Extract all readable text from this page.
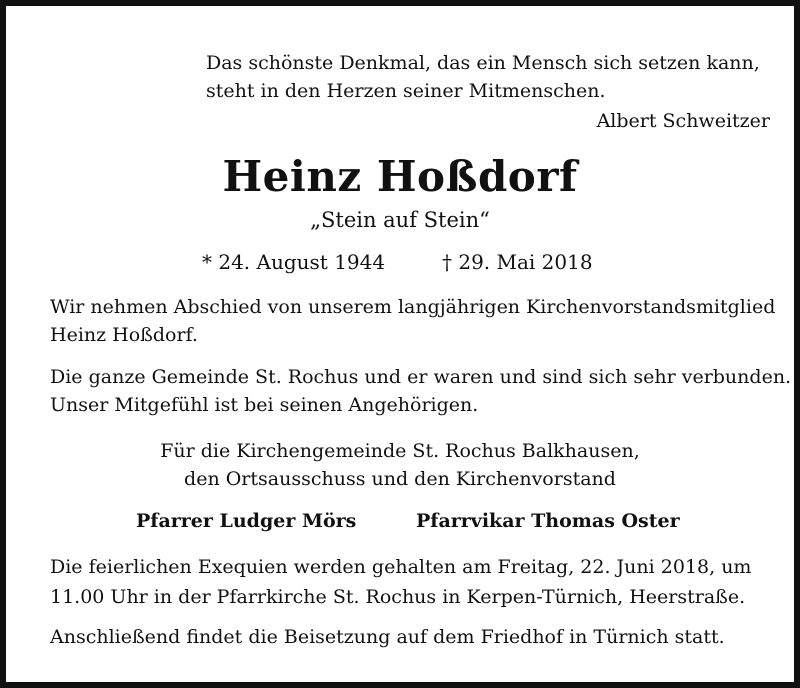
Das schönste Denkmal, das ein Mensch sich setzen kann,
steht in den Herzen seiner Mitmenschen.
Albert Schweitzer
Heinz Hoßdorf
„Stein auf Stein“
* 24. August 1944	† 29. Mai 2018
Wir nehmen Abschied von unserem langjährigen Kirchenvorstandsmitglied
Heinz Hoßdorf.
Die ganze Gemeinde St. Rochus und er waren und sind sich sehr verbunden.
Unser Mitgefühl ist bei seinen Angehörigen.
Für die Kirchengemeinde St. Rochus Balkhausen,
den Ortsausschuss und den Kirchenvorstand
Pfarrer Ludger Mörs	Pfarrvikar Thomas Oster
Die feierlichen Exequien werden gehalten am Freitag, 22. Juni 2018, um
11.00 Uhr in der Pfarrkirche St. Rochus in Kerpen-Türnich, Heerstraße.
Anschließend findet die Beisetzung auf dem Friedhof in Türnich statt.
